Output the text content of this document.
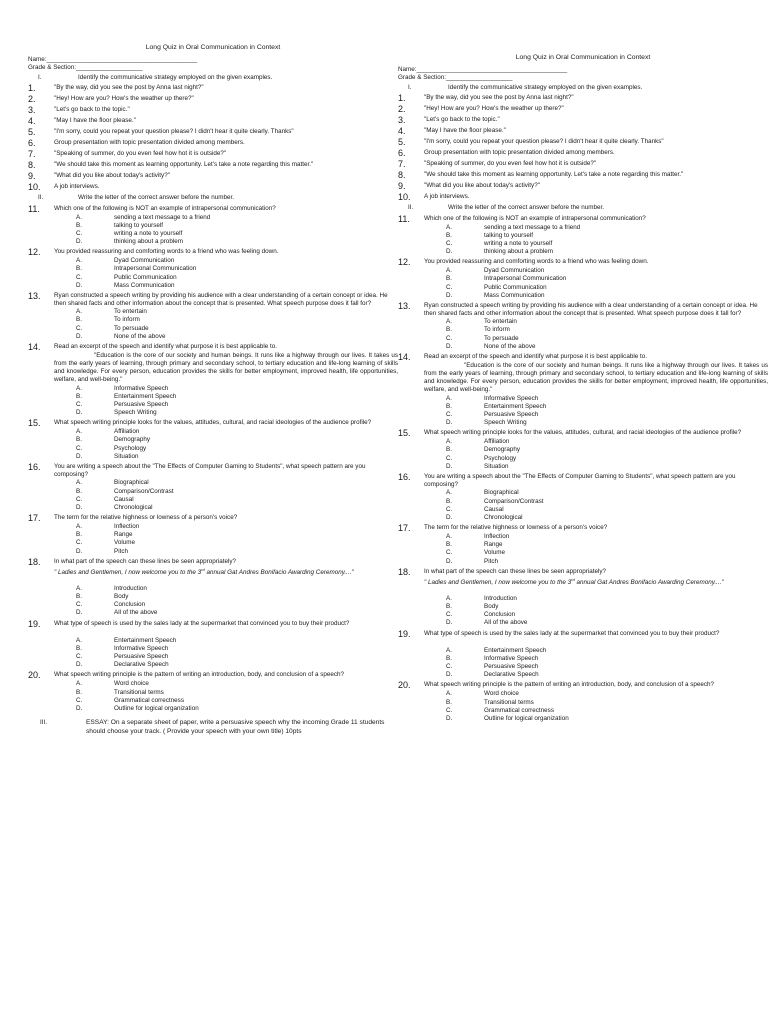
Long Quiz in Oral Communication in Context
Name:___________________________________________
Grade & Section:___________________
I.	Identify the communicative strategy employed on the given examples.
1.	"By the way, did you see the post by Anna last night?"
2.	"Hey! How are you? How's the weather up there?"
3.	"Let's go back to the topic."
4.	"May I have the floor please."
5.	"I'm sorry, could you repeat your question please? I didn't hear it quite clearly. Thanks"
6.	Group presentation with topic presentation divided among members.
7.	"Speaking of summer, do you even feel how hot it is outside?"
8.	"We should take this moment as learning opportunity. Let's take a note regarding this matter."
9.	"What did you like about today's activity?"
10.	A job interviews.
II.	Write the letter of the correct answer before the number.
11.	Which one of the following is NOT an example of intrapersonal communication?
A.	sending a text message to a friend
B.	talking to yourself
C.	writing a note to yourself
D.	thinking about a problem
12.	You provided reassuring and comforting words to a friend who was feeling down.
A.	Dyad Communication
B.	Intrapersonal Communication
C.	Public Communication
D.	Mass Communication
13.	Ryan constructed a speech writing by providing his audience with a clear understanding of a certain concept or idea. He then shared facts and other information about the concept that is presented. What speech purpose does it fall for?
A.	To entertain
B.	To inform
C.	To persuade
D.	None of the above
14.	Read an excerpt of the speech and identify what purpose it is best applicable to.
"Education is the core of our society and human beings. It runs like a highway through our lives. It takes us from the early years of learning, through primary and secondary school, to tertiary education and life-long learning of skills and knowledge. For every person, education provides the skills for better employment, improved health, life opportunities, welfare, and well-being."
A.	Informative Speech
B.	Entertainment Speech
C.	Persuasive Speech
D.	Speech Writing
15.	What speech writing principle looks for the values, attitudes, cultural, and racial ideologies of the audience profile?
A.	Affiliation
B.	Demography
C.	Psychology
D.	Situation
16.	You are writing a speech about the "The Effects of Computer Gaming to Students", what speech pattern are you composing?
A.	Biographical
B.	Comparison/Contrast
C.	Causal
D.	Chronological
17.	The term for the relative highness or lowness of a person's voice?
A.	Inflection
B.	Range
C.	Volume
D.	Pitch
18.	In what part of the speech can these lines be seen appropriately?
" Ladies and Gentlemen, I now welcome you to the 3rd annual Gat Andres Bonifacio Awarding Ceremony...."
A.	Introduction
B.	Body
C.	Conclusion
D.	All of the above
19.	What type of speech is used by the sales lady at the supermarket that convinced you to buy their product?
A.	Entertainment Speech
B.	Informative Speech
C.	Persuasive Speech
D.	Declarative Speech
20.	What speech writing principle is the pattern of writing an introduction, body, and conclusion of a speech?
A.	Word choice
B.	Transitional terms
C.	Grammatical correctness
D.	Outline for logical organization
III.	ESSAY: On a separate sheet of paper, write a persuasive speech why the incoming Grade 11 students should choose your track. ( Provide your speech with your own title) 10pts
Long Quiz in Oral Communication in Context
Name:___________________________________________
Grade & Section:___________________
I.	Identify the communicative strategy employed on the given examples.
1.	"By the way, did you see the post by Anna last night?"
2.	"Hey! How are you? How's the weather up there?"
3.	"Let's go back to the topic."
4.	"May I have the floor please."
5.	"I'm sorry, could you repeat your question please? I didn't hear it quite clearly. Thanks"
6.	Group presentation with topic presentation divided among members.
7.	"Speaking of summer, do you even feel how hot it is outside?"
8.	"We should take this moment as learning opportunity. Let's take a note regarding this matter."
9.	"What did you like about today's activity?"
10.	A job interviews.
II.	Write the letter of the correct answer before the number.
11.	Which one of the following is NOT an example of intrapersonal communication?
A.	sending a text message to a friend
B.	talking to yourself
C.	writing a note to yourself
D.	thinking about a problem
12.	You provided reassuring and comforting words to a friend who was feeling down.
A.	Dyad Communication
B.	Intrapersonal Communication
C.	Public Communication
D.	Mass Communication
13.	Ryan constructed a speech writing by providing his audience with a clear understanding of a certain concept or idea. He then shared facts and other information about the concept that is presented. What speech purpose does it fall for?
A.	To entertain
B.	To inform
C.	To persuade
D.	None of the above
14.	Read an excerpt of the speech and identify what purpose it is best applicable to.
"Education is the core of our society and human beings. It runs like a highway through our lives. It takes us from the early years of learning, through primary and secondary school, to tertiary education and life-long learning of skills and knowledge. For every person, education provides the skills for better employment, improved health, life opportunities, welfare, and well-being."
A.	Informative Speech
B.	Entertainment Speech
C.	Persuasive Speech
D.	Speech Writing
15.	What speech writing principle looks for the values, attitudes, cultural, and racial ideologies of the audience profile?
A.	Affiliation
B.	Demography
C.	Psychology
D.	Situation
16.	You are writing a speech about the "The Effects of Computer Gaming to Students", what speech pattern are you composing?
A.	Biographical
B.	Comparison/Contrast
C.	Causal
D.	Chronological
17.	The term for the relative highness or lowness of a person's voice?
A.	Inflection
B.	Range
C.	Volume
D.	Pitch
18.	In what part of the speech can these lines be seen appropriately?
" Ladies and Gentlemen, I now welcome you to the 3rd annual Gat Andres Bonifacio Awarding Ceremony...."
A.	Introduction
B.	Body
C.	Conclusion
D.	All of the above
19.	What type of speech is used by the sales lady at the supermarket that convinced you to buy their product?
A.	Entertainment Speech
B.	Informative Speech
C.	Persuasive Speech
D.	Declarative Speech
20.	What speech writing principle is the pattern of writing an introduction, body, and conclusion of a speech?
A.	Word choice
B.	Transitional terms
C.	Grammatical correctness
D.	Outline for logical organization
